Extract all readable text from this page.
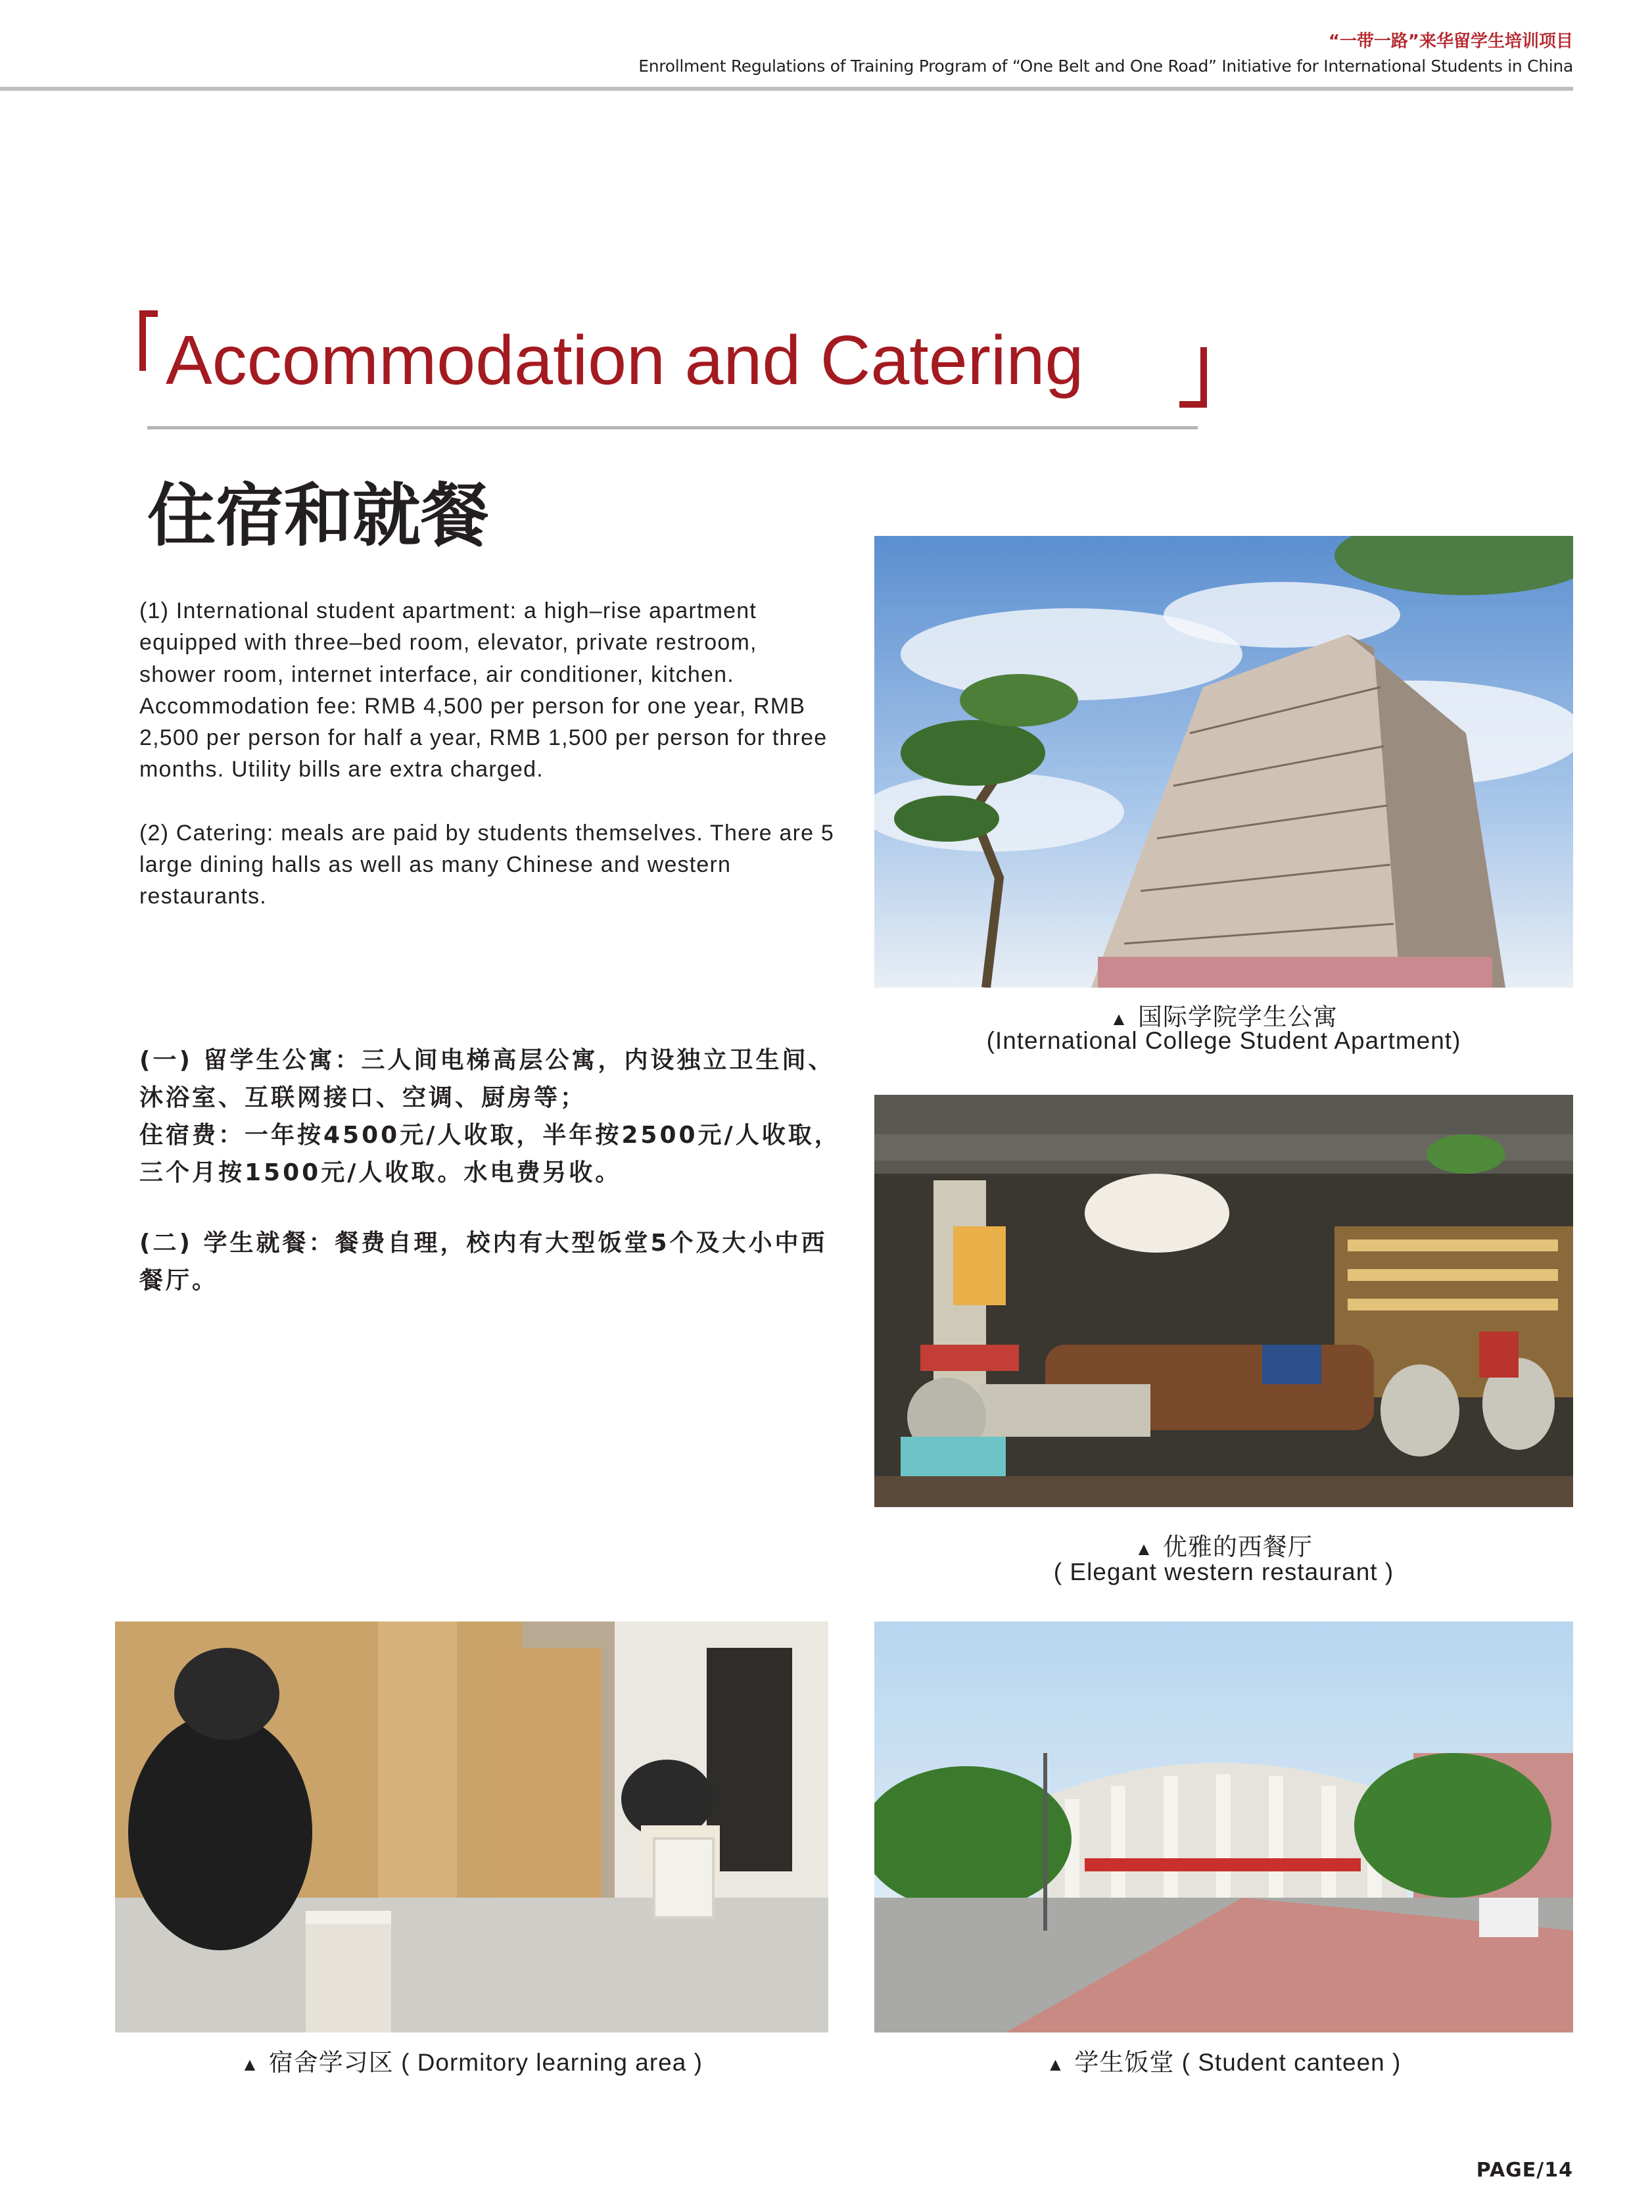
“一带一路”来华留学生培训项目
Enrollment Regulations of Training Program of “One Belt and One Road” Initiative for International Students in China
Accommodation and Catering
住宿和就餐

(1) International student apartment: a high–rise apartment equipped with three–bed room, elevator, private restroom, shower room, internet interface, air conditioner, kitchen.

Accommodation fee: RMB 4,500 per person for one year, RMB 2,500 per person for half a year, RMB 1,500 per person for three months. Utility bills are extra charged.

(2) Catering: meals are paid by students themselves. There are 5 large dining halls as well as many Chinese and western restaurants.

(一) 留学生公寓：三人间电梯高层公寓，内设独立卫生间、沐浴室、互联网接口、空调、厨房等；

住宿费：一年按4500元/人收取，半年按2500元/人收取，三个月按1500元/人收取。水电费另收。

(二) 学生就餐：餐费自理，校内有大型饭堂5个及大小中西餐厅。

▲ 国际学院学生公寓
(International College Student Apartment)
▲ 优雅的西餐厅
( Elegant western restaurant )
▲ 宿舍学习区 ( Dormitory learning area )	▲ 学生饭堂 ( Student canteen )
PAGE/14
